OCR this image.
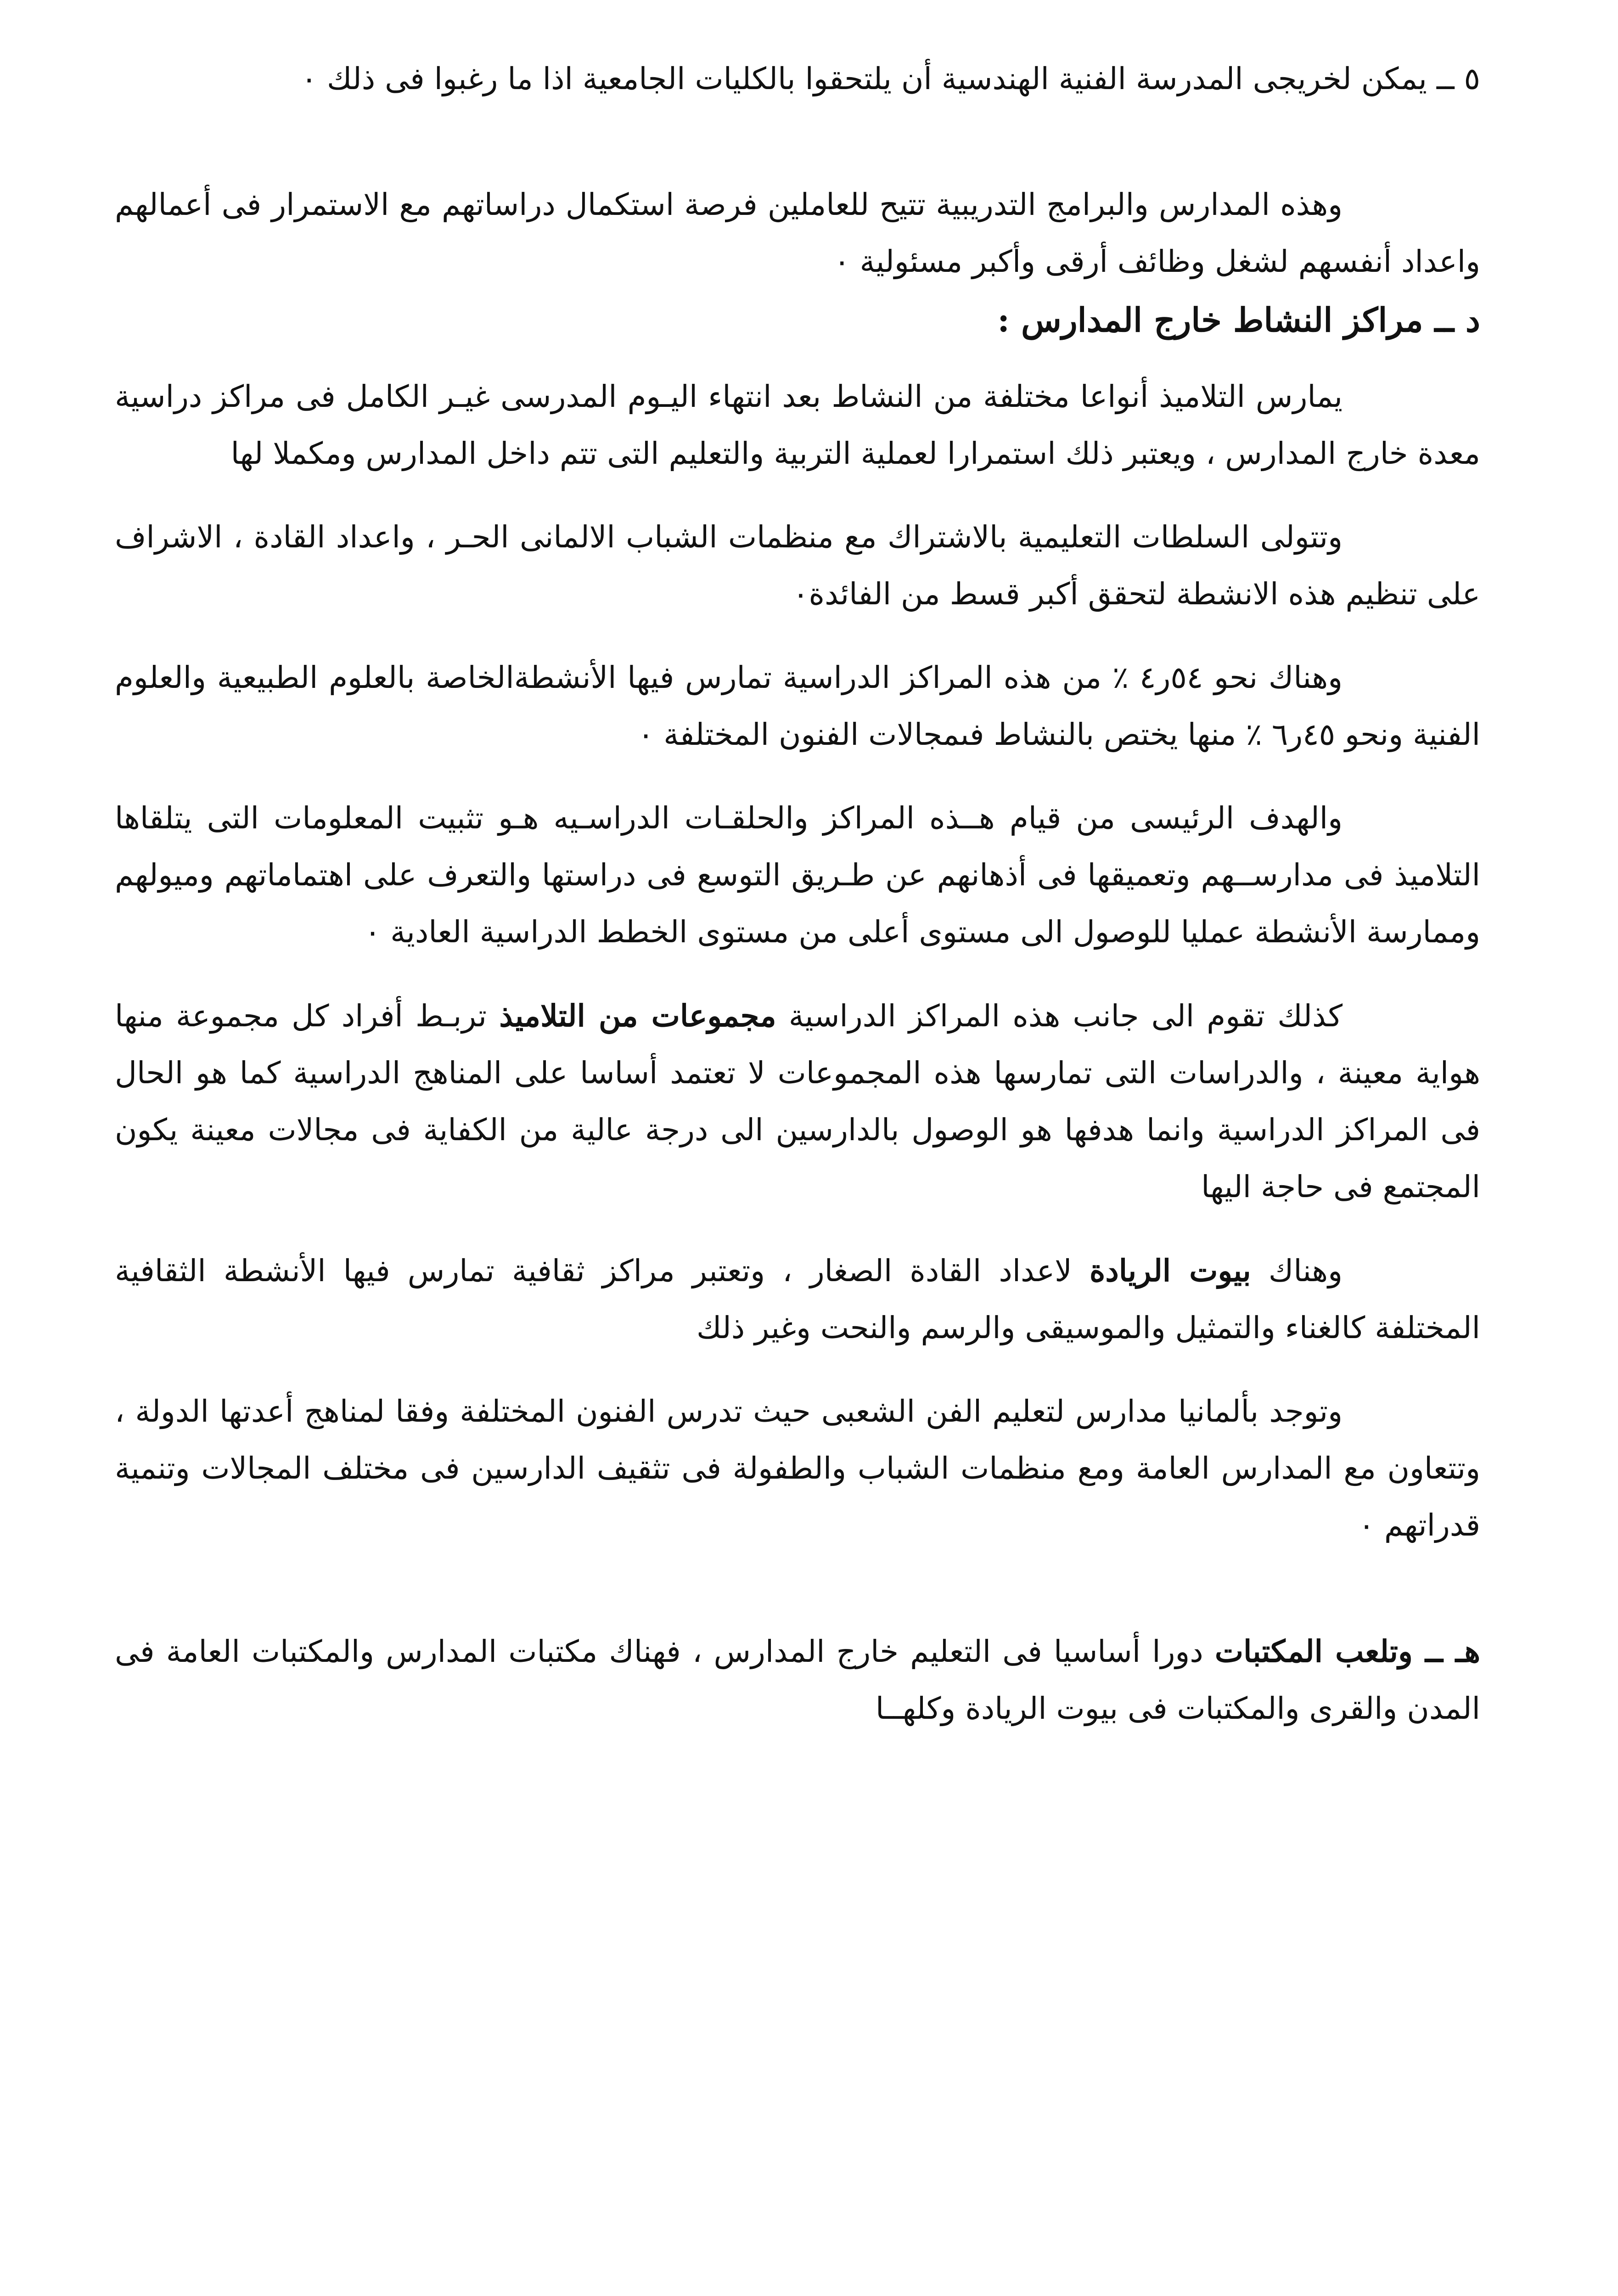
٥ ــ يمكن لخريجى المدرسة الفنية الهندسية أن يلتحقوا بالكليات الجامعية اذا ما رغبوا فى ذلك ٠

وهذه المدارس والبرامج التدريبية تتيح للعاملين فرصة استكمال دراساتهم مع الاستمرار فى أعمالهم واعداد أنفسهم لشغل وظائف أرقى وأكبر مسئولية ٠

د ــ مراكز النشاط خارج المدارس :

يمارس التلاميذ أنواعا مختلفة من النشاط بعد انتهاء اليـوم المدرسى غيـر الكامل فى مراكز دراسية معدة خارج المدارس ، ويعتبر ذلك استمرارا لعملية التربية والتعليم التى تتم داخل المدارس ومكملا لها

وتتولى السلطات التعليمية بالاشتراك مع منظمات الشباب الالمانى الحـر ، واعداد القادة ، الاشراف على تنظيم هذه الانشطة لتحقق أكبر قسط من الفائدة٠

وهناك نحو ٥٤ر٤ ٪ من هذه المراكز الدراسية تمارس فيها الأنشطةالخاصة بالعلوم الطبيعية والعلوم الفنية ونحو ٤٥ر٦ ٪ منها يختص بالنشاط فىمجالات الفنون المختلفة ٠

والهدف الرئيسى من قيام هــذه المراكز والحلقـات الدراسـيه هـو تثبيت المعلومات التى يتلقاها التلاميذ فى مدارســهم وتعميقها فى أذهانهم عن طـريق التوسع فى دراستها والتعرف على اهتماماتهم وميولهم وممارسة الأنشطة عمليا للوصول الى مستوى أعلى من مستوى الخطط الدراسية العادية ٠

كذلك تقوم الى جانب هذه المراكز الدراسية مجموعات من التلاميذ تربـط أفراد كل مجموعة منها هواية معينة ، والدراسات التى تمارسها هذه المجموعات لا تعتمد أساسا على المناهج الدراسية كما هو الحال فى المراكز الدراسية وانما هدفها هو الوصول بالدارسين الى درجة عالية من الكفاية فى مجالات معينة يكون المجتمع فى حاجة اليها

وهناك بيوت الريادة لاعداد القادة الصغار ، وتعتبر مراكز ثقافية تمارس فيها الأنشطة الثقافية المختلفة كالغناء والتمثيل والموسيقى والرسم والنحت وغير ذلك

وتوجد بألمانيا مدارس لتعليم الفن الشعبى حيث تدرس الفنون المختلفة وفقا لمناهج أعدتها الدولة ، وتتعاون مع المدارس العامة ومع منظمات الشباب والطفولة فى تثقيف الدارسين فى مختلف المجالات وتنمية قدراتهم ٠

هـ ــ وتلعب المكتبات دورا أساسيا فى التعليم خارج المدارس ، فهناك مكتبات المدارس والمكتبات العامة فى المدن والقرى والمكتبات فى بيوت الريادة وكلهــا
